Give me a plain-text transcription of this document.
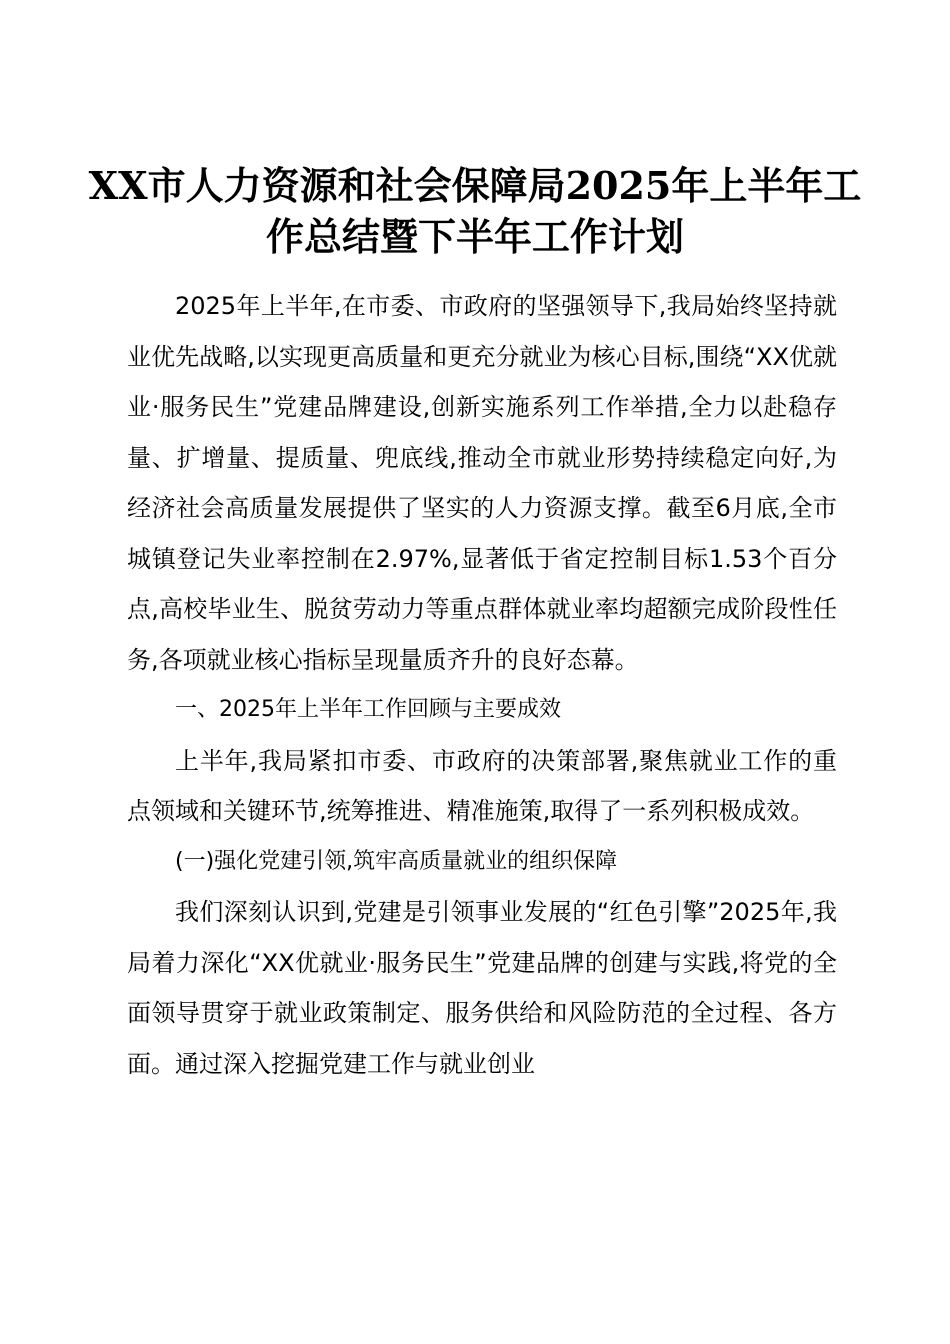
XX市人力资源和社会保障局2025年上半年工作总结暨下半年工作计划

2025年上半年,在市委、市政府的坚强领导下,我局始终坚持就业优先战略,以实现更高质量和更充分就业为核心目标,围绕“XX优就业·服务民生”党建品牌建设,创新实施系列工作举措,全力以赴稳存量、扩增量、提质量、兜底线,推动全市就业形势持续稳定向好,为经济社会高质量发展提供了坚实的人力资源支撑。截至6月底,全市城镇登记失业率控制在2.97%,显著低于省定控制目标1.53个百分点,高校毕业生、脱贫劳动力等重点群体就业率均超额完成阶段性任务,各项就业核心指标呈现量质齐升的良好态幕。

一、2025年上半年工作回顾与主要成效

上半年,我局紧扣市委、市政府的决策部署,聚焦就业工作的重点领域和关键环节,统筹推进、精准施策,取得了一系列积极成效。

(一)强化党建引领,筑牢高质量就业的组织保障

我们深刻认识到,党建是引领事业发展的“红色引擎”2025年,我局着力深化“XX优就业·服务民生”党建品牌的创建与实践,将党的全面领导贯穿于就业政策制定、服务供给和风险防范的全过程、各方面。通过深入挖掘党建工作与就业创业
